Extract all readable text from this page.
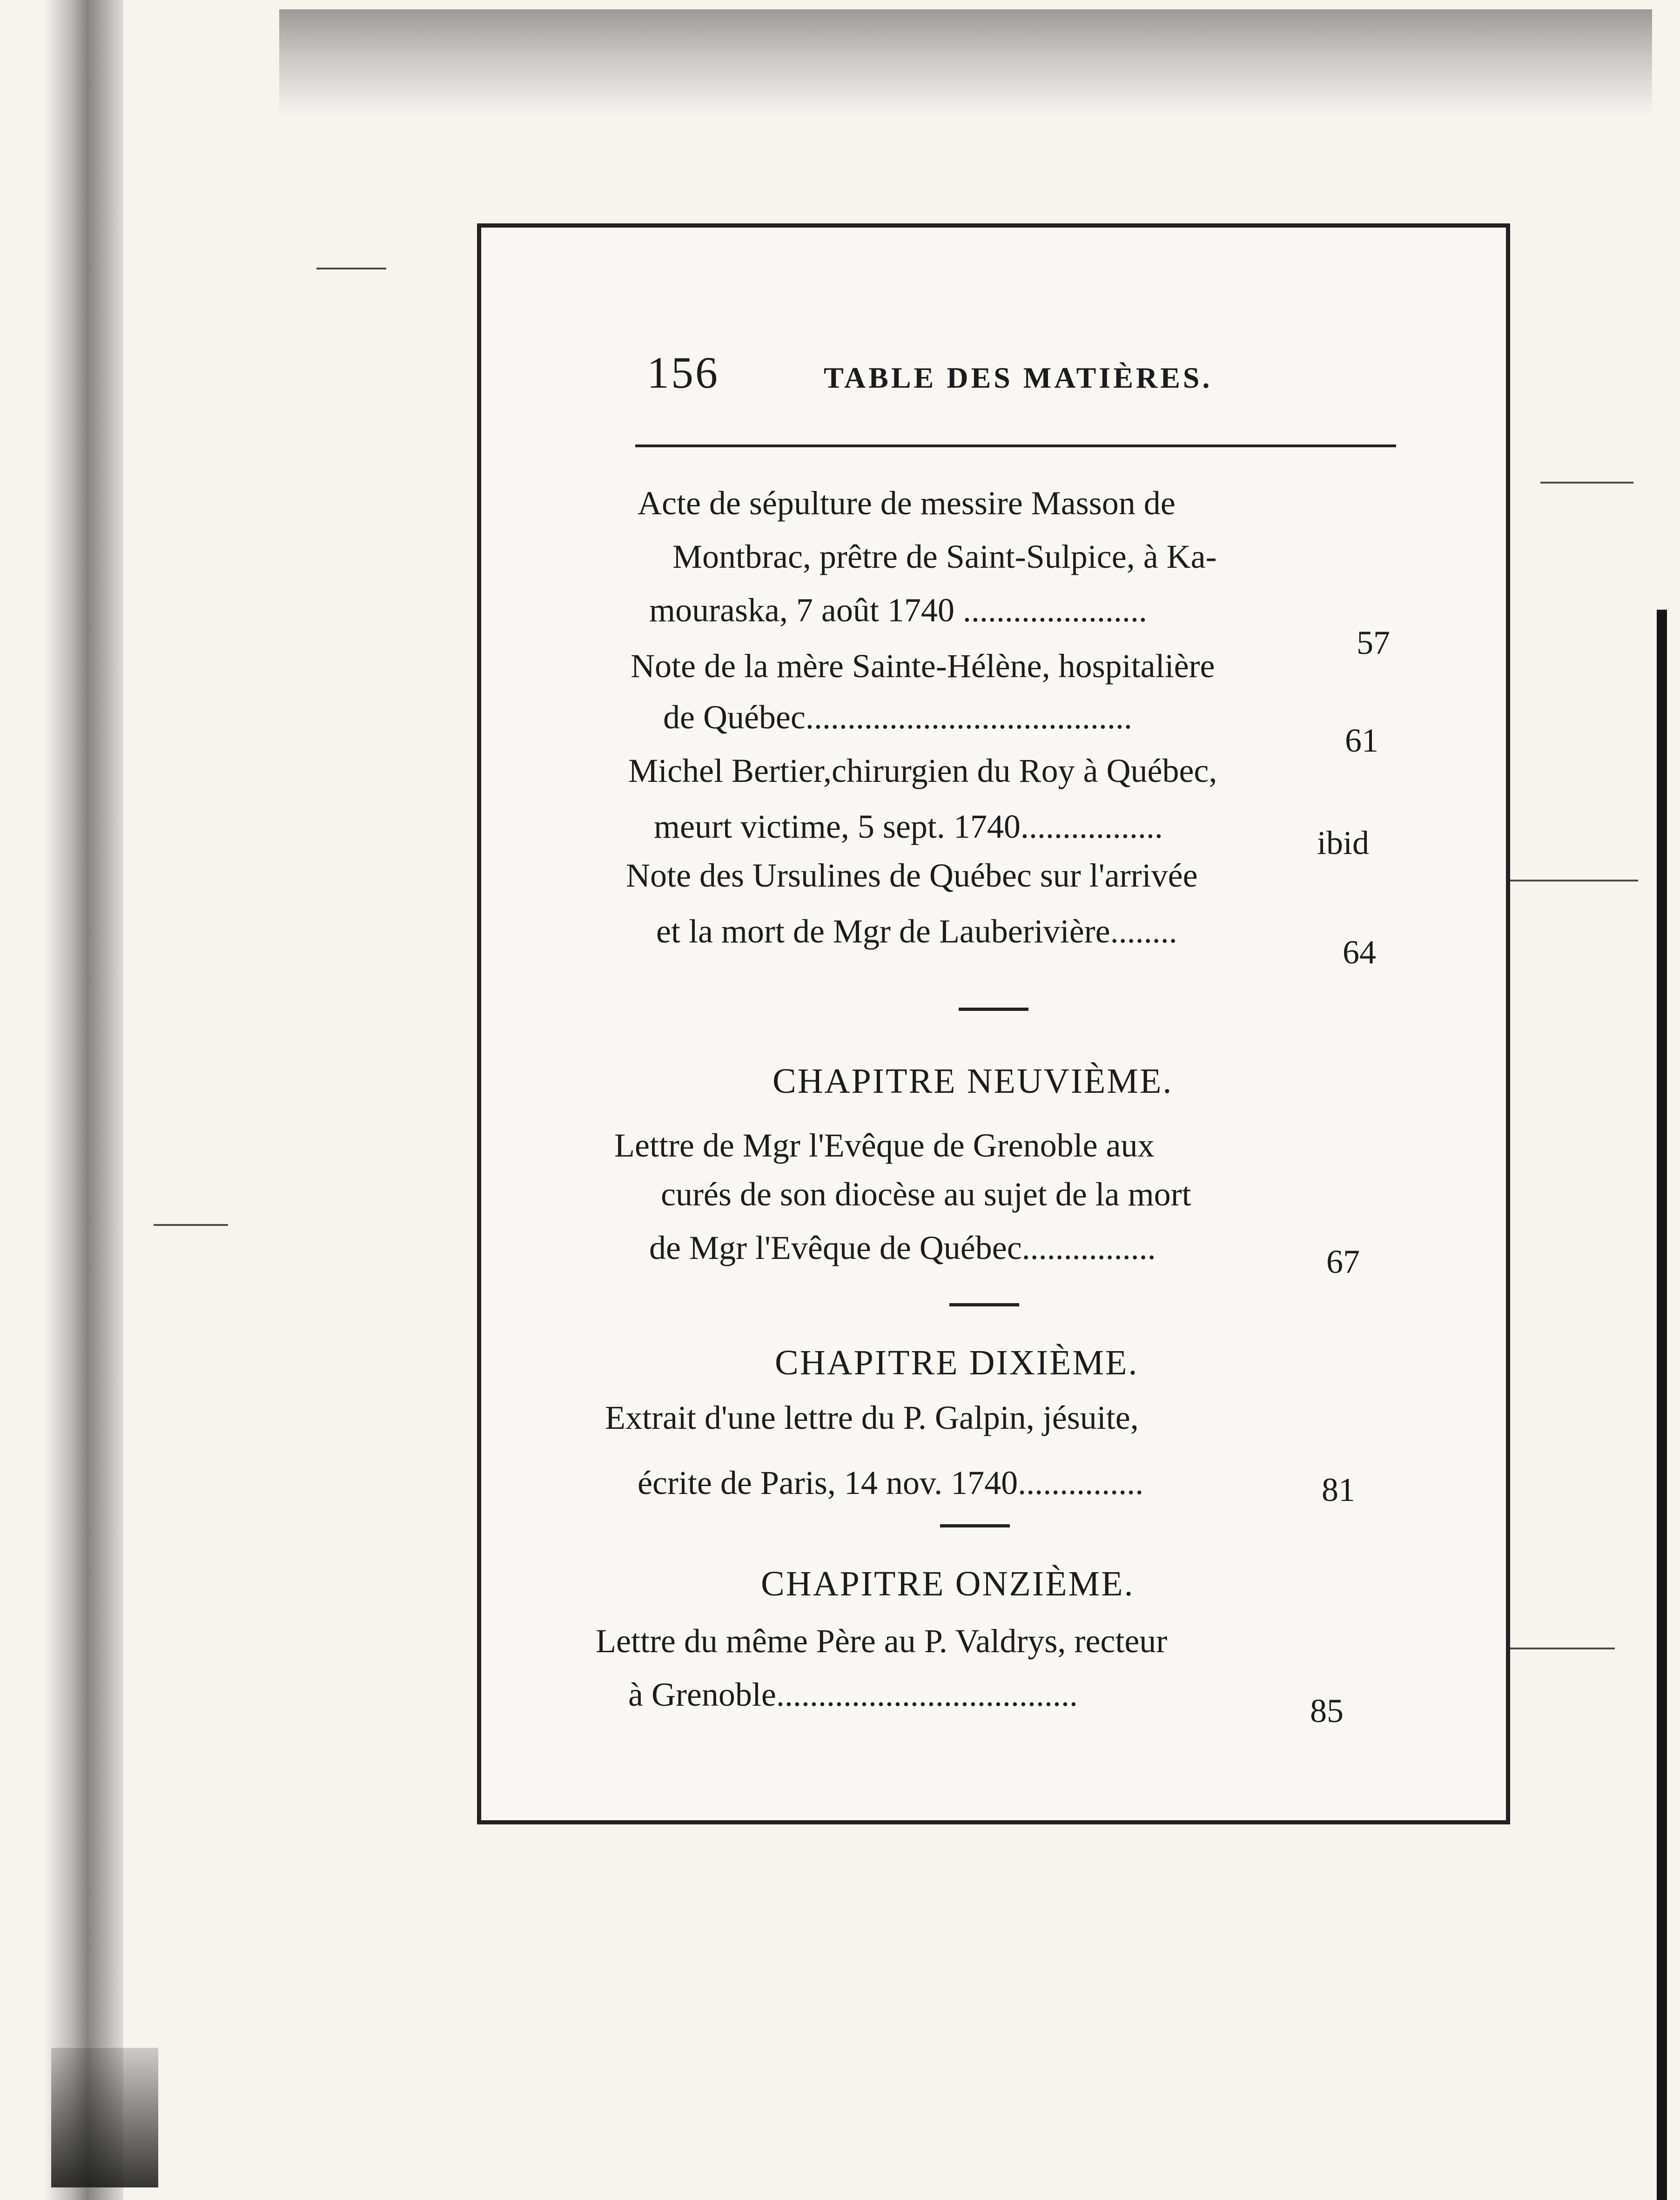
156	TABLE DES MATIÈRES.
Acte de sépulture de messire Masson de
Montbrac, prêtre de Saint-Sulpice, à Ka-
mouraska, 7 août 1740 ......................
57
Note de la mère Sainte-Hélène, hospitalière
de Québec.......................................
61
Michel Bertier,chirurgien du Roy à Québec,
meurt victime, 5 sept. 1740.................	ibid
Note des Ursulines de Québec sur l'arrivée
et la mort de Mgr de Lauberivière........
64
CHAPITRE NEUVIÈME.
Lettre de Mgr l'Evêque de Grenoble aux
curés de son diocèse au sujet de la mort
de Mgr l'Evêque de Québec................	67
CHAPITRE DIXIÈME.
Extrait d'une lettre du P. Galpin, jésuite,
écrite de Paris, 14 nov. 1740...............	81
CHAPITRE ONZIÈME.
Lettre du même Père au P. Valdrys, recteur
à Grenoble....................................	85
